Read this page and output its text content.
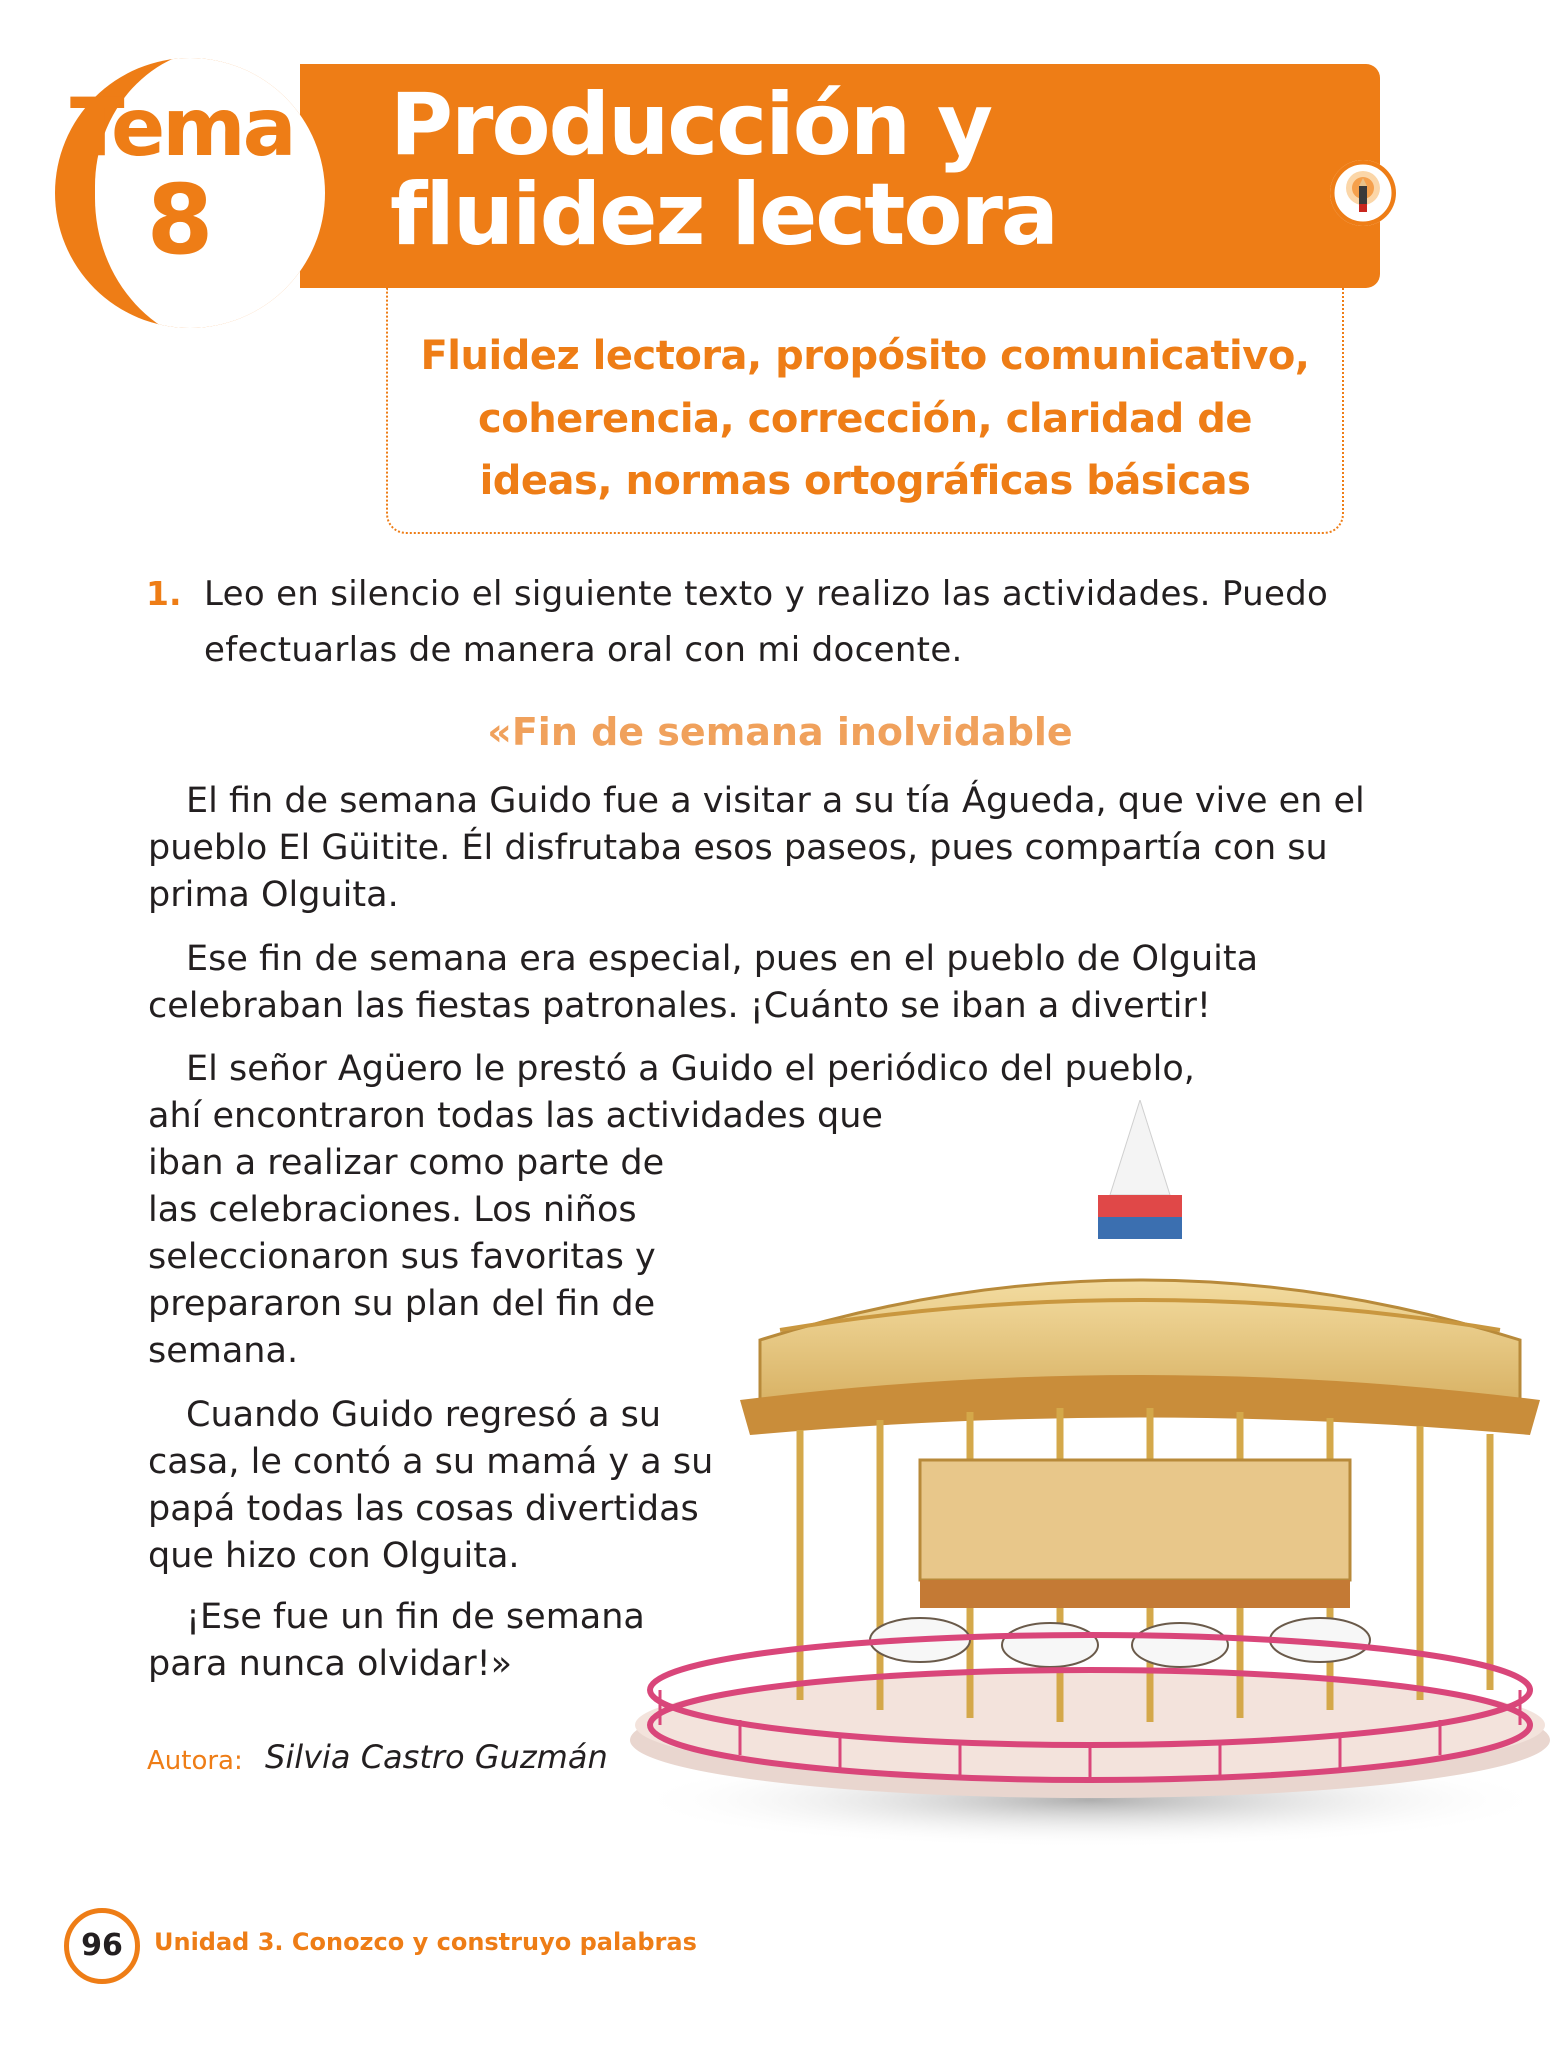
Tema
8
Producción y
fluidez lectora
Fluidez lectora, propósito comunicativo,
coherencia, corrección, claridad de
ideas, normas ortográficas básicas
1. Leo en silencio el siguiente texto y realizo las actividades. Puedo
efectuarlas de manera oral con mi docente.

«Fin de semana inolvidable

El fin de semana Guido fue a visitar a su tía Águeda, que vive en el
pueblo El Güitite. Él disfrutaba esos paseos, pues compartía con su
prima Olguita.

Ese fin de semana era especial, pues en el pueblo de Olguita
celebraban las fiestas patronales. ¡Cuánto se iban a divertir!

El señor Agüero le prestó a Guido el periódico del pueblo,
ahí encontraron todas las actividades que
iban a realizar como parte de
las celebraciones. Los niños
seleccionaron sus favoritas y
prepararon su plan del fin de
semana.

Cuando Guido regresó a su
casa, le contó a su mamá y a su
papá todas las cosas divertidas
que hizo con Olguita.

¡Ese fue un fin de semana
para nunca olvidar!»

Autora: Silvia Castro Guzmán
96	Unidad 3. Conozco y construyo palabras
